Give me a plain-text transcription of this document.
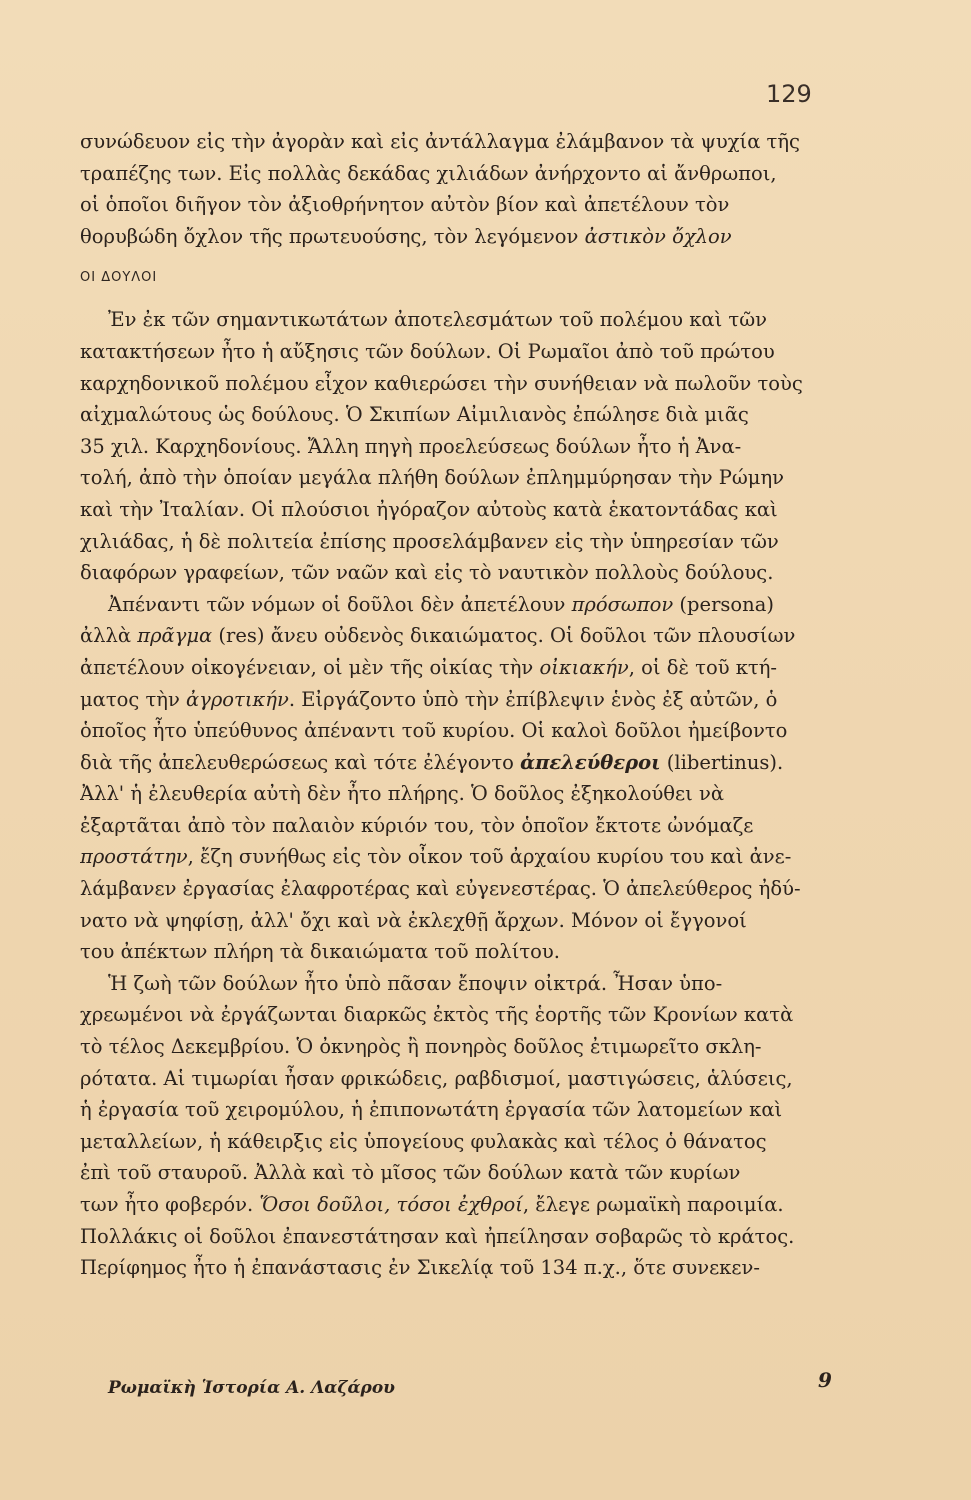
129
συνώδευον εἰς τὴν ἀγορὰν καὶ εἰς ἀντάλλαγμα ἐλάμβανον τὰ ψυχία τῆς
τραπέζης των. Εἰς πολλὰς δεκάδας χιλιάδων ἀνήρχοντο αἱ ἄνθρωποι,
οἱ ὁποῖοι διῆγον τὸν ἀξιοθρήνητον αὐτὸν βίον καὶ ἀπετέλουν τὸν
θορυβώδη ὄχλον τῆς πρωτευούσης, τὸν λεγόμενον ἀστικὸν ὄχλον
ΟΙ ΔΟΥΛΟΙ
Ἐν ἐκ τῶν σημαντικωτάτων ἀποτελεσμάτων τοῦ πολέμου καὶ τῶν
κατακτήσεων ἦτο ἡ αὔξησις τῶν δούλων. Οἱ Ρωμαῖοι ἀπὸ τοῦ πρώτου
καρχηδονικοῦ πολέμου εἶχον καθιερώσει τὴν συνήθειαν νὰ πωλοῦν τοὺς
αἰχμαλώτους ὡς δούλους. Ὁ Σκιπίων Αἰμιλιανὸς ἐπώλησε διὰ μιᾶς
35 χιλ. Καρχηδονίους. Ἄλλη πηγὴ προελεύσεως δούλων ἦτο ἡ Ἀνα-
τολή, ἀπὸ τὴν ὁποίαν μεγάλα πλήθη δούλων ἐπλημμύρησαν τὴν Ρώμην
καὶ τὴν Ἰταλίαν. Οἱ πλούσιοι ἠγόραζον αὐτοὺς κατὰ ἑκατοντάδας καὶ
χιλιάδας, ἡ δὲ πολιτεία ἐπίσης προσελάμβανεν εἰς τὴν ὑπηρεσίαν τῶν
διαφόρων γραφείων, τῶν ναῶν καὶ εἰς τὸ ναυτικὸν πολλοὺς δούλους.
Ἀπέναντι τῶν νόμων οἱ δοῦλοι δὲν ἀπετέλουν πρόσωπον (persona)
ἀλλὰ πρᾶγμα (res) ἄνευ οὐδενὸς δικαιώματος. Οἱ δοῦλοι τῶν πλουσίων
ἀπετέλουν οἰκογένειαν, οἱ μὲν τῆς οἰκίας τὴν οἰκιακήν, οἱ δὲ τοῦ κτή-
ματος τὴν ἀγροτικήν. Εἰργάζοντο ὑπὸ τὴν ἐπίβλεψιν ἑνὸς ἐξ αὐτῶν, ὁ
ὁποῖος ἦτο ὑπεύθυνος ἀπέναντι τοῦ κυρίου. Οἱ καλοὶ δοῦλοι ἠμείβοντο
διὰ τῆς ἀπελευθερώσεως καὶ τότε ἐλέγοντο ἀπελεύθεροι (libertinus).
Ἀλλ' ἡ ἐλευθερία αὐτὴ δὲν ἦτο πλήρης. Ὁ δοῦλος ἐξηκολούθει νὰ
ἐξαρτᾶται ἀπὸ τὸν παλαιὸν κύριόν του, τὸν ὁποῖον ἔκτοτε ὠνόμαζε
προστάτην, ἔζη συνήθως εἰς τὸν οἶκον τοῦ ἀρχαίου κυρίου του καὶ ἀνε-
λάμβανεν ἐργασίας ἐλαφροτέρας καὶ εὐγενεστέρας. Ὁ ἀπελεύθερος ἠδύ-
νατο νὰ ψηφίσῃ, ἀλλ' ὄχι καὶ νὰ ἐκλεχθῇ ἄρχων. Μόνον οἱ ἔγγονοί
του ἀπέκτων πλήρη τὰ δικαιώματα τοῦ πολίτου.
Ἡ ζωὴ τῶν δούλων ἦτο ὑπὸ πᾶσαν ἔποψιν οἰκτρά. Ἦσαν ὑπο-
χρεωμένοι νὰ ἐργάζωνται διαρκῶς ἐκτὸς τῆς ἑορτῆς τῶν Κρονίων κατὰ
τὸ τέλος Δεκεμβρίου. Ὁ ὀκνηρὸς ἢ πονηρὸς δοῦλος ἐτιμωρεῖτο σκλη-
ρότατα. Αἱ τιμωρίαι ἦσαν φρικώδεις, ραβδισμοί, μαστιγώσεις, ἁλύσεις,
ἡ ἐργασία τοῦ χειρομύλου, ἡ ἐπιπονωτάτη ἐργασία τῶν λατομείων καὶ
μεταλλείων, ἡ κάθειρξις εἰς ὑπογείους φυλακὰς καὶ τέλος ὁ θάνατος
ἐπὶ τοῦ σταυροῦ. Ἀλλὰ καὶ τὸ μῖσος τῶν δούλων κατὰ τῶν κυρίων
των ἦτο φοβερόν. Ὅσοι δοῦλοι, τόσοι ἐχθροί, ἔλεγε ρωμαϊκὴ παροιμία.
Πολλάκις οἱ δοῦλοι ἐπανεστάτησαν καὶ ἠπείλησαν σοβαρῶς τὸ κράτος.
Περίφημος ἦτο ἡ ἐπανάστασις ἐν Σικελίᾳ τοῦ 134 π.χ., ὅτε συνεκεν-
Ρωμαϊκὴ Ἱστορία Α. Λαζάρου	9
